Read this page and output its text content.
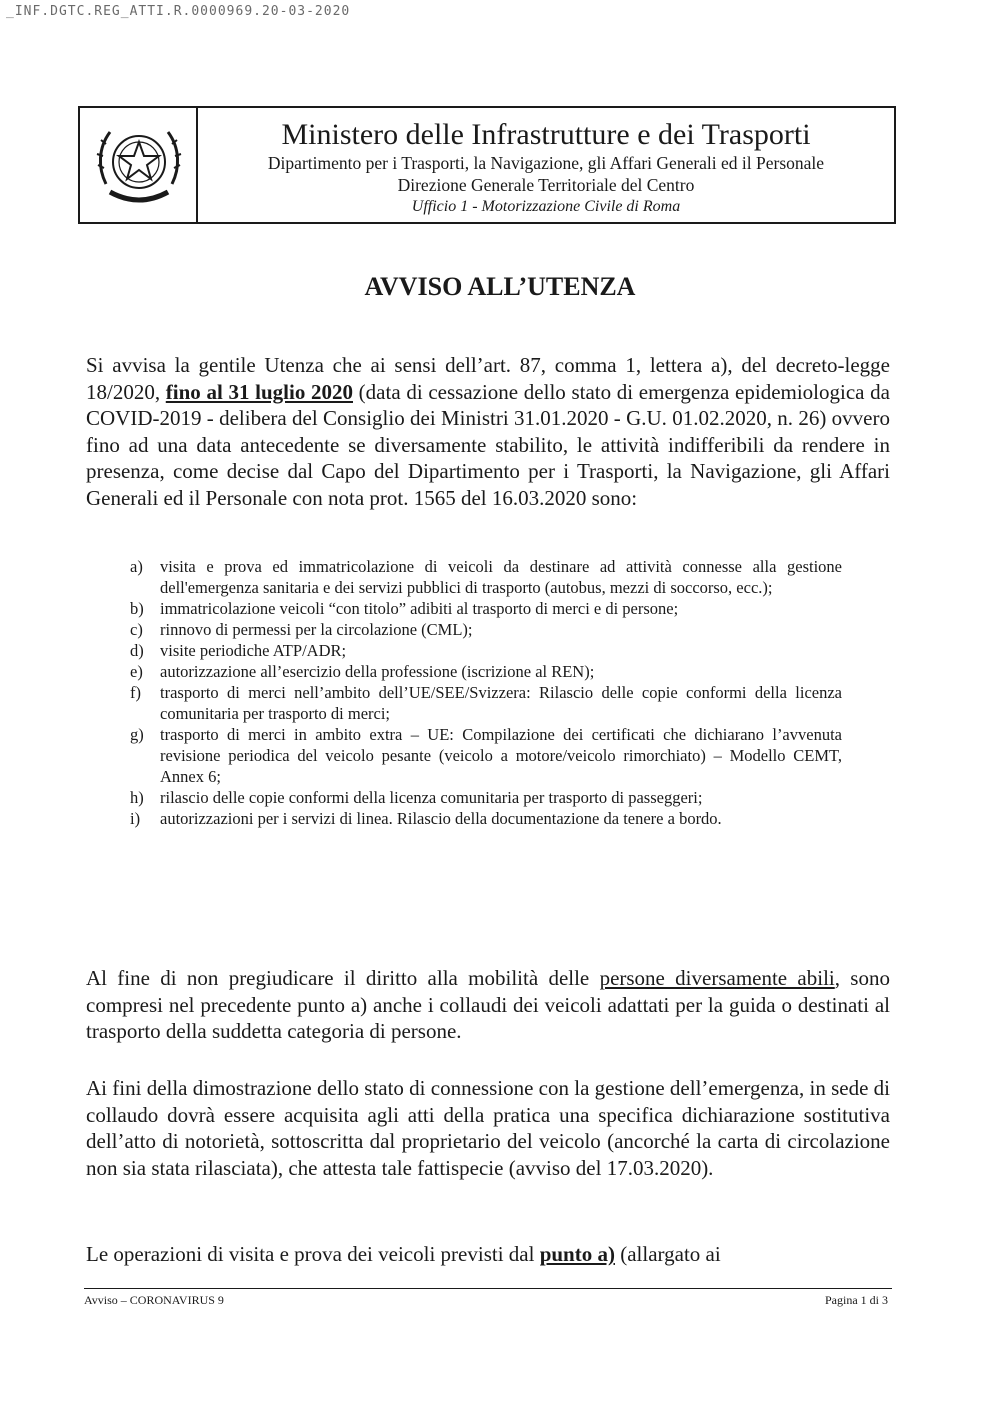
_INF.DGTC.REG_ATTI.R.0000969.20-03-2020
Ministero delle Infrastrutture e dei Trasporti
Dipartimento per i Trasporti, la Navigazione, gli Affari Generali ed il Personale
Direzione Generale Territoriale del Centro
Ufficio 1 - Motorizzazione Civile di Roma
AVVISO ALL’UTENZA
Si avvisa la gentile Utenza che ai sensi dell’art. 87, comma 1, lettera a), del decreto-legge 18/2020, fino al 31 luglio 2020 (data di cessazione dello stato di emergenza epidemiologica da COVID-2019 - delibera del Consiglio dei Ministri 31.01.2020 - G.U. 01.02.2020, n. 26) ovvero fino ad una data antecedente se diversamente stabilito, le attività indifferibili da rendere in presenza, come decise dal Capo del Dipartimento per i Trasporti, la Navigazione, gli Affari Generali ed il Personale con nota prot. 1565 del 16.03.2020 sono:
a) visita e prova ed immatricolazione di veicoli da destinare ad attività connesse alla gestione dell'emergenza sanitaria e dei servizi pubblici di trasporto (autobus, mezzi di soccorso, ecc.);
b) immatricolazione veicoli “con titolo” adibiti al trasporto di merci e di persone;
c) rinnovo di permessi per la circolazione (CML);
d) visite periodiche ATP/ADR;
e) autorizzazione all’esercizio della professione (iscrizione al REN);
f) trasporto di merci nell’ambito dell’UE/SEE/Svizzera: Rilascio delle copie conformi della licenza comunitaria per trasporto di merci;
g) trasporto di merci in ambito extra – UE: Compilazione dei certificati che dichiarano l’avvenuta revisione periodica del veicolo pesante (veicolo a motore/veicolo rimorchiato) – Modello CEMT, Annex 6;
h) rilascio delle copie conformi della licenza comunitaria per trasporto di passeggeri;
i) autorizzazioni per i servizi di linea. Rilascio della documentazione da tenere a bordo.
Al fine di non pregiudicare il diritto alla mobilità delle persone diversamente abili, sono compresi nel precedente punto a) anche i collaudi dei veicoli adattati per la guida o destinati al trasporto della suddetta categoria di persone.
Ai fini della dimostrazione dello stato di connessione con la gestione dell’emergenza, in sede di collaudo dovrà essere acquisita agli atti della pratica una specifica dichiarazione sostitutiva dell’atto di notorietà, sottoscritta dal proprietario del veicolo (ancorché la carta di circolazione non sia stata rilasciata), che attesta tale fattispecie (avviso del 17.03.2020).
Le operazioni di visita e prova dei veicoli previsti dal punto a) (allargato ai
Avviso – CORONAVIRUS 9	Pagina 1 di 3
